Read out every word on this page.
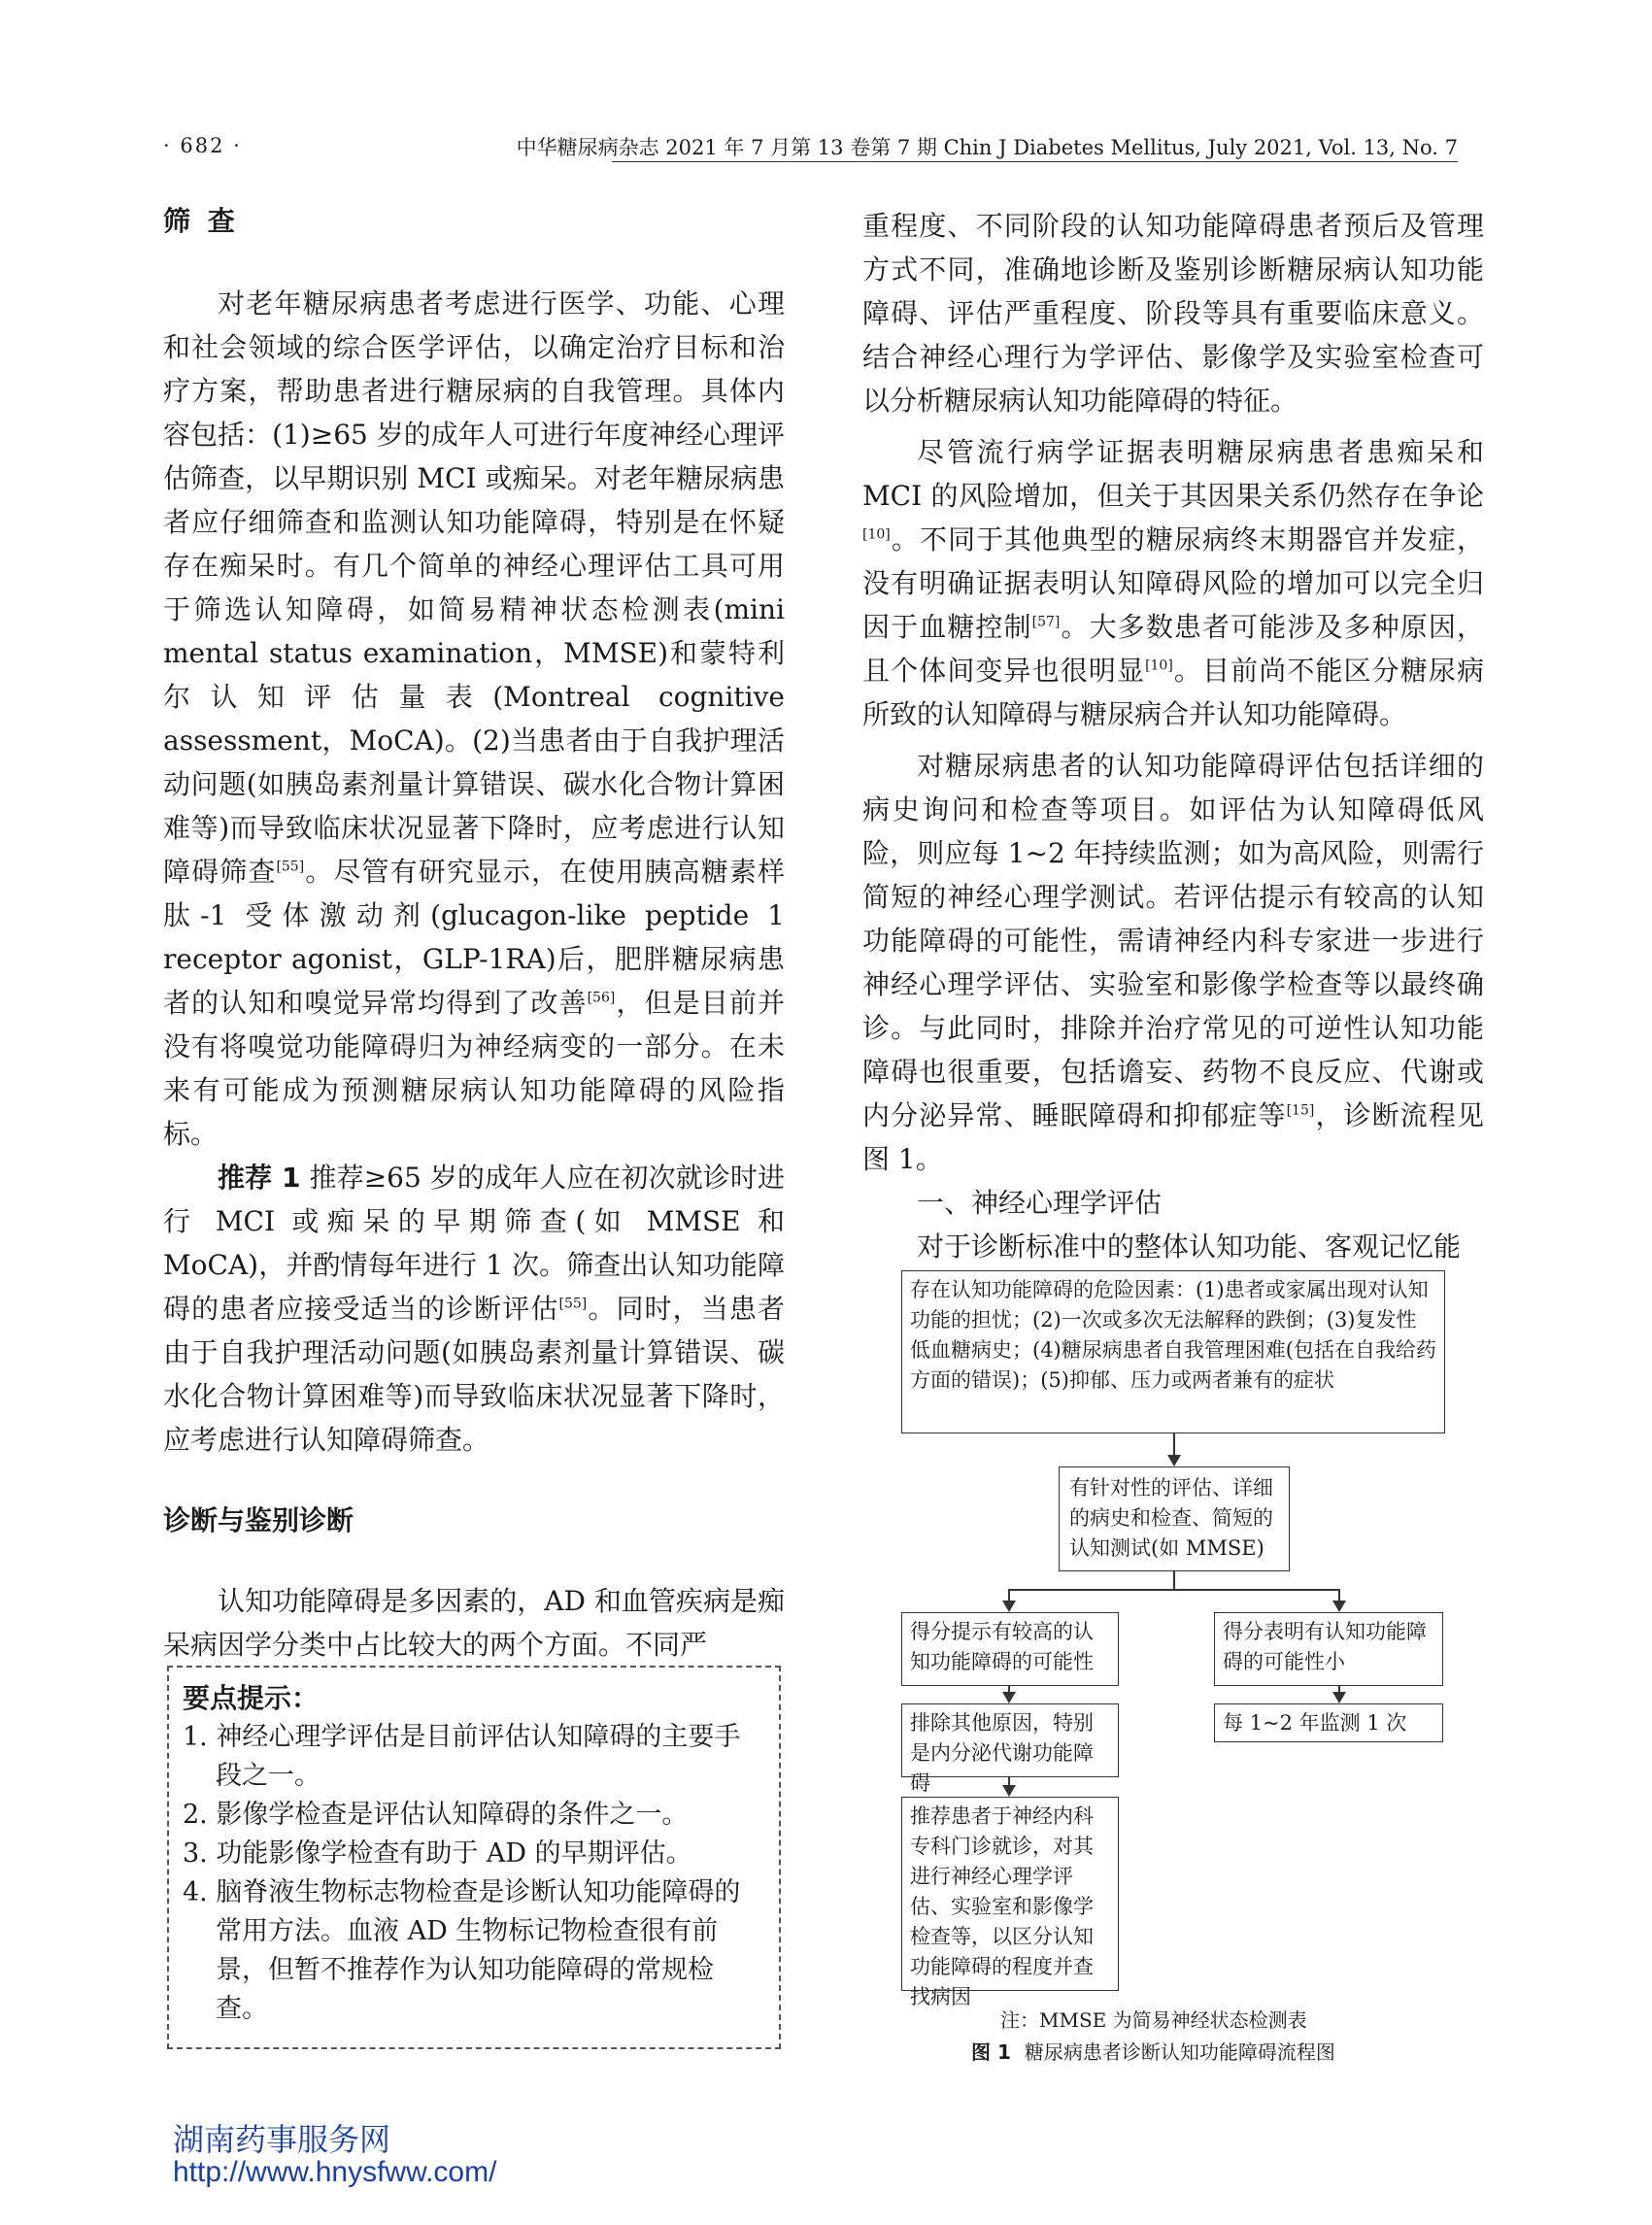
· 682 ·	中华糖尿病杂志 2021 年 7 月第 13 卷第 7 期 Chin J Diabetes Mellitus, July 2021, Vol. 13, No. 7

筛 查

对老年糖尿病患者考虑进行医学、功能、心理和社会领域的综合医学评估，以确定治疗目标和治疗方案，帮助患者进行糖尿病的自我管理。具体内容包括：(1)≥65 岁的成年人可进行年度神经心理评估筛查，以早期识别 MCI 或痴呆。对老年糖尿病患者应仔细筛查和监测认知功能障碍，特别是在怀疑存在痴呆时。有几个简单的神经心理评估工具可用于筛选认知障碍，如简易精神状态检测表(mini mental status examination，MMSE)和蒙特利尔认知评估量表(Montreal cognitive assessment，MoCA)。(2)当患者由于自我护理活动问题(如胰岛素剂量计算错误、碳水化合物计算困难等)而导致临床状况显著下降时，应考虑进行认知障碍筛查[55]。尽管有研究显示，在使用胰高糖素样肽-1 受体激动剂(glucagon-like peptide 1 receptor agonist，GLP-1RA)后，肥胖糖尿病患者的认知和嗅觉异常均得到了改善[56]，但是目前并没有将嗅觉功能障碍归为神经病变的一部分。在未来有可能成为预测糖尿病认知功能障碍的风险指标。

推荐 1 推荐≥65 岁的成年人应在初次就诊时进行 MCI 或痴呆的早期筛查(如 MMSE 和 MoCA)，并酌情每年进行 1 次。筛查出认知功能障碍的患者应接受适当的诊断评估[55]。同时，当患者由于自我护理活动问题(如胰岛素剂量计算错误、碳水化合物计算困难等)而导致临床状况显著下降时，应考虑进行认知障碍筛查。

诊断与鉴别诊断

认知功能障碍是多因素的，AD 和血管疾病是痴呆病因学分类中占比较大的两个方面。不同严

要点提示：

1. 神经心理学评估是目前评估认知障碍的主要手段之一。

2. 影像学检查是评估认知障碍的条件之一。

3. 功能影像学检查有助于 AD 的早期评估。

4. 脑脊液生物标志物检查是诊断认知功能障碍的常用方法。血液 AD 生物标记物检查很有前景，但暂不推荐作为认知功能障碍的常规检查。

重程度、不同阶段的认知功能障碍患者预后及管理方式不同，准确地诊断及鉴别诊断糖尿病认知功能障碍、评估严重程度、阶段等具有重要临床意义。结合神经心理行为学评估、影像学及实验室检查可以分析糖尿病认知功能障碍的特征。

尽管流行病学证据表明糖尿病患者患痴呆和 MCI 的风险增加，但关于其因果关系仍然存在争论[10]。不同于其他典型的糖尿病终末期器官并发症，没有明确证据表明认知障碍风险的增加可以完全归因于血糖控制[57]。大多数患者可能涉及多种原因，且个体间变异也很明显[10]。目前尚不能区分糖尿病所致的认知障碍与糖尿病合并认知功能障碍。

对糖尿病患者的认知功能障碍评估包括详细的病史询问和检查等项目。如评估为认知障碍低风险，则应每 1~2 年持续监测；如为高风险，则需行简短的神经心理学测试。若评估提示有较高的认知功能障碍的可能性，需请神经内科专家进一步进行神经心理学评估、实验室和影像学检查等以最终确诊。与此同时，排除并治疗常见的可逆性认知功能障碍也很重要，包括谵妄、药物不良反应、代谢或内分泌异常、睡眠障碍和抑郁症等[15]，诊断流程见图 1。

一、神经心理学评估

对于诊断标准中的整体认知功能、客观记忆能

存在认知功能障碍的危险因素：(1)患者或家属出现对认知功能的担忧；(2)一次或多次无法解释的跌倒；(3)复发性低血糖病史；(4)糖尿病患者自我管理困难(包括在自我给药方面的错误)；(5)抑郁、压力或两者兼有的症状
有针对性的评估、详细的病史和检查、简短的认知测试(如 MMSE)
得分提示有较高的认知功能障碍的可能性
得分表明有认知功能障碍的可能性小
排除其他原因，特别是内分泌代谢功能障碍
每 1~2 年监测 1 次
推荐患者于神经内科专科门诊就诊，对其进行神经心理学评估、实验室和影像学检查等，以区分认知功能障碍的程度并查找病因
注：MMSE 为简易神经状态检测表
图 1 糖尿病患者诊断认知功能障碍流程图
湖南药事服务网
http://www.hnysfww.com/
